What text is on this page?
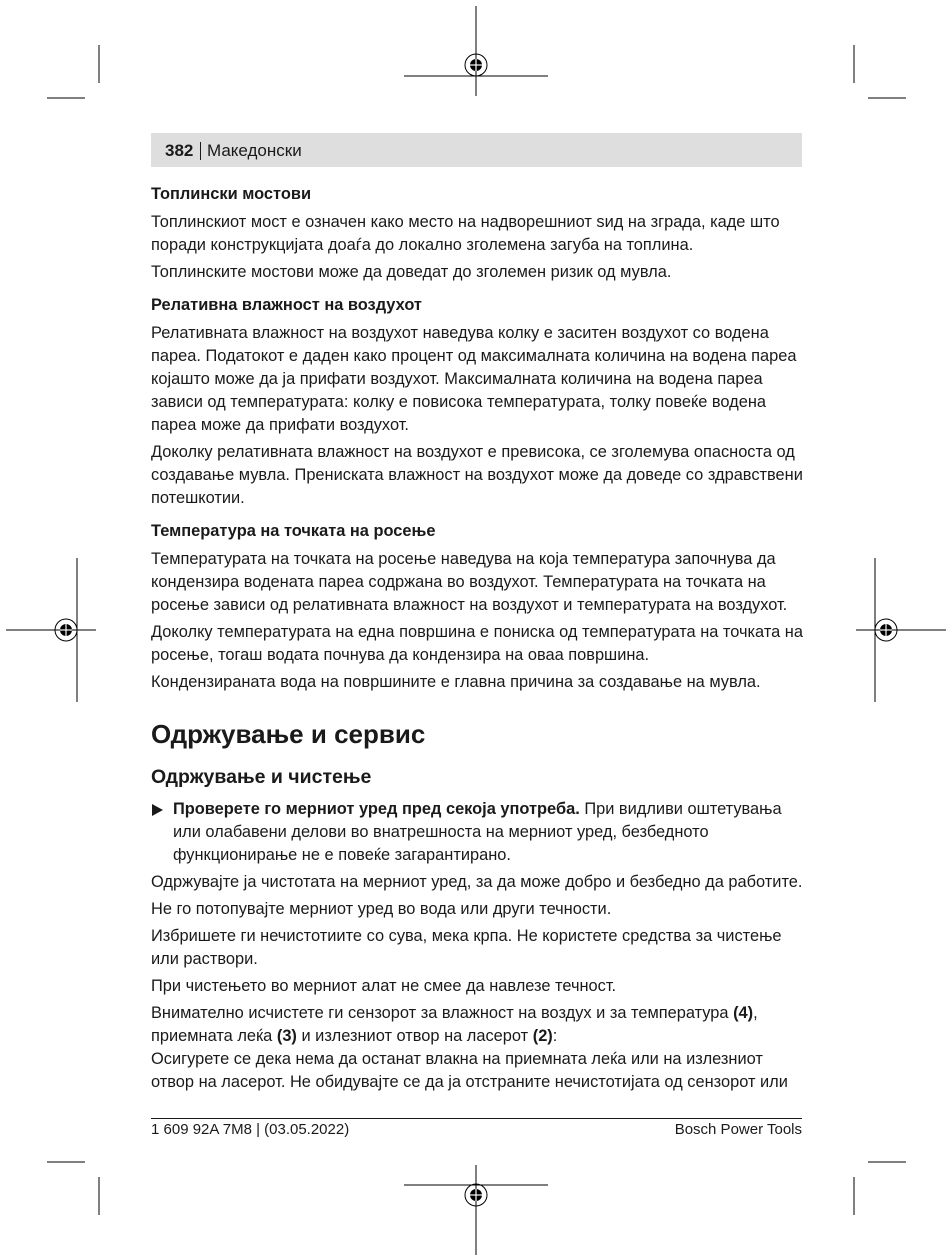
382 Македонски
Топлински мостови

Топлинскиот мост е означен како место на надворешниот ѕид на зграда, каде што поради конструкцијата доаѓа до локално зголемена загуба на топлина.

Топлинските мостови може да доведат до зголемен ризик од мувла.

Релативна влажност на воздухот

Релативната влажност на воздухот наведува колку е заситен воздухот со водена пареа. Податокот е даден како процент од максималната количина на водена пареа којашто може да ја прифати воздухот. Максималната количина на водена пареа зависи од температурата: колку е повисока температурата, толку повеќе водена пареа може да прифати воздухот.

Доколку релативната влажност на воздухот е превисока, се зголемува опасноста од создавање мувла. Прениската влажност на воздухот може да доведе со здравствени потешкотии.

Температура на точката на росење

Температурата на точката на росење наведува на која температура започнува да кондензира водената пареа содржана во воздухот. Температурата на точката на росење зависи од релативната влажност на воздухот и температурата на воздухот.

Доколку температурата на една површина е пониска од температурата на точката на росење, тогаш водата почнува да кондензира на оваа површина.

Кондензираната вода на површините е главна причина за создавање на мувла.

Одржување и сервис
Одржување и чистење

Проверете го мерниот уред пред секоја употреба. При видливи оштетувања или олабавени делови во внатрешноста на мерниот уред, безбедното функционирање не е повеќе загарантирано.

Одржувајте ја чистотата на мерниот уред, за да може добро и безбедно да работите.

Не го потопувајте мерниот уред во вода или други течности.

Избришете ги нечистотиите со сува, мека крпа. Не користете средства за чистење или раствори.

При чистењето во мерниот алат не смее да навлезе течност.

Внимателно исчистете ги сензорот за влажност на воздух и за температура (4), приемната леќа (3) и излезниот отвор на ласерот (2):

Осигурете се дека нема да останат влакна на приемната леќа или на излезниот отвор на ласерот. Не обидувајте се да ја отстраните нечистотијата од сензорот или

1 609 92A 7M8 | (03.05.2022)	Bosch Power Tools
